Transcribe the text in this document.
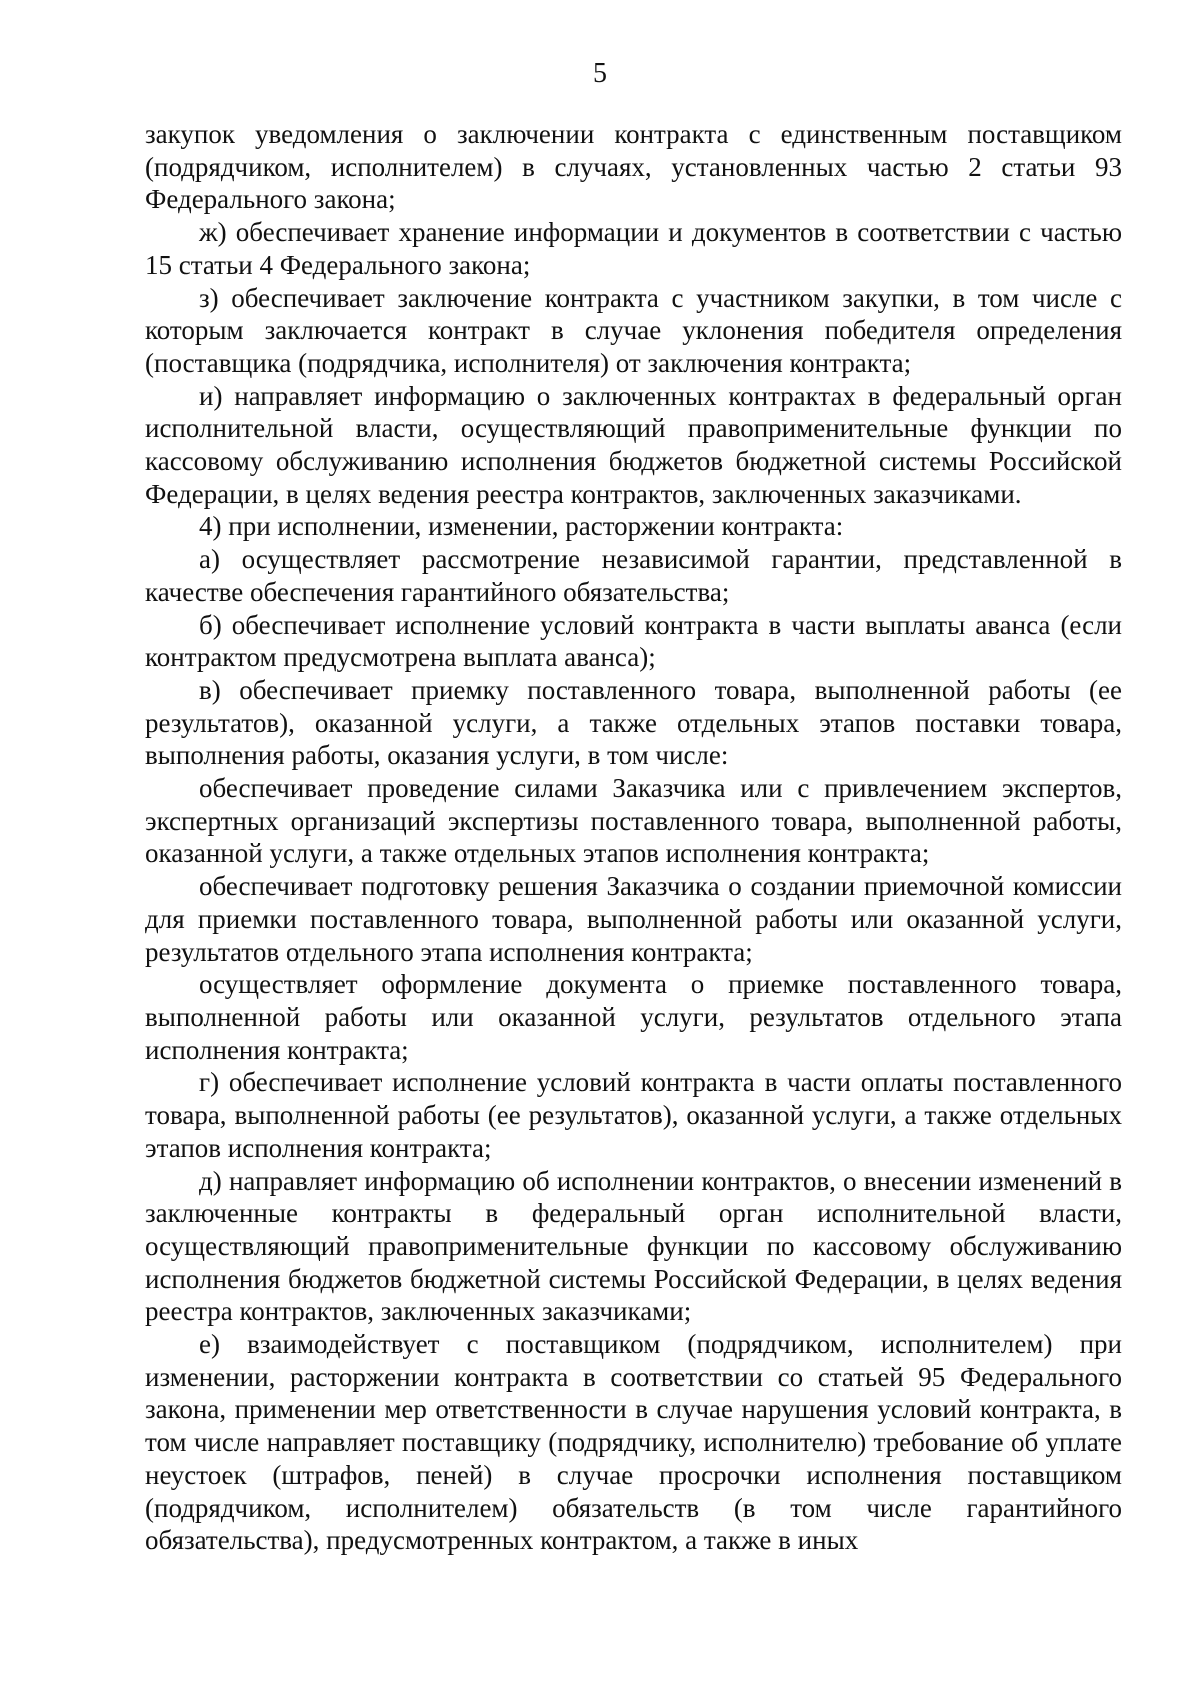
5

закупок уведомления о заключении контракта с единственным поставщиком (подрядчиком, исполнителем) в случаях, установленных частью 2 статьи 93 Федерального закона;

ж) обеспечивает хранение информации и документов в соответствии с частью 15 статьи 4 Федерального закона;

з) обеспечивает заключение контракта с участником закупки, в том числе с которым заключается контракт в случае уклонения победителя определения (поставщика (подрядчика, исполнителя) от заключения контракта;

и) направляет информацию о заключенных контрактах в федеральный орган исполнительной власти, осуществляющий правоприменительные функции по кассовому обслуживанию исполнения бюджетов бюджетной системы Российской Федерации, в целях ведения реестра контрактов, заключенных заказчиками.

4) при исполнении, изменении, расторжении контракта:

а) осуществляет рассмотрение независимой гарантии, представленной в качестве обеспечения гарантийного обязательства;

б) обеспечивает исполнение условий контракта в части выплаты аванса (если контрактом предусмотрена выплата аванса);

в) обеспечивает приемку поставленного товара, выполненной работы (ее результатов), оказанной услуги, а также отдельных этапов поставки товара, выполнения работы, оказания услуги, в том числе:

обеспечивает проведение силами Заказчика или с привлечением экспертов, экспертных организаций экспертизы поставленного товара, выполненной работы, оказанной услуги, а также отдельных этапов исполнения контракта;

обеспечивает подготовку решения Заказчика о создании приемочной комиссии для приемки поставленного товара, выполненной работы или оказанной услуги, результатов отдельного этапа исполнения контракта;

осуществляет оформление документа о приемке поставленного товара, выполненной работы или оказанной услуги, результатов отдельного этапа исполнения контракта;

г) обеспечивает исполнение условий контракта в части оплаты поставленного товара, выполненной работы (ее результатов), оказанной услуги, а также отдельных этапов исполнения контракта;

д) направляет информацию об исполнении контрактов, о внесении изменений в заключенные контракты в федеральный орган исполнительной власти, осуществляющий правоприменительные функции по кассовому обслуживанию исполнения бюджетов бюджетной системы Российской Федерации, в целях ведения реестра контрактов, заключенных заказчиками;

е) взаимодействует с поставщиком (подрядчиком, исполнителем) при изменении, расторжении контракта в соответствии со статьей 95 Федерального закона, применении мер ответственности в случае нарушения условий контракта, в том числе направляет поставщику (подрядчику, исполнителю) требование об уплате неустоек (штрафов, пеней) в случае просрочки исполнения поставщиком (подрядчиком, исполнителем) обязательств (в том числе гарантийного обязательства), предусмотренных контрактом, а также в иных
